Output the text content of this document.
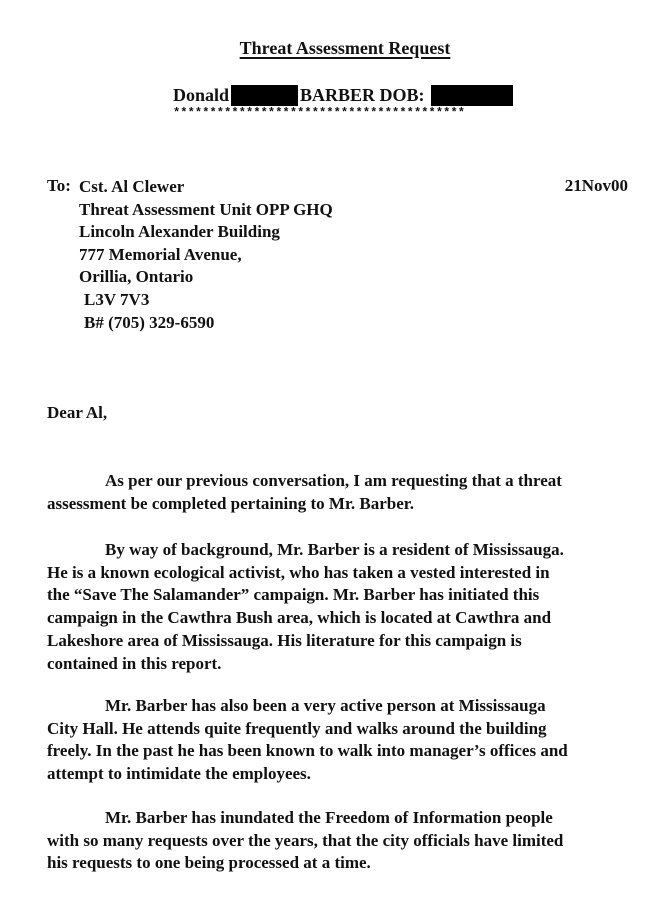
Threat Assessment Request
Donald	BARBER DOB:
****************************************
To:	21Nov00
Cst. Al Clewer
Threat Assessment Unit OPP GHQ
Lincoln Alexander Building
777 Memorial Avenue,
Orillia, Ontario
L3V 7V3
B# (705) 329-6590
Dear Al,
As per our previous conversation, I am requesting that a threat
assessment be completed pertaining to Mr. Barber.
By way of background, Mr. Barber is a resident of Mississauga.
He is a known ecological activist, who has taken a vested interested in
the “Save The Salamander” campaign. Mr. Barber has initiated this
campaign in the Cawthra Bush area, which is located at Cawthra and
Lakeshore area of Mississauga. His literature for this campaign is
contained in this report.
Mr. Barber has also been a very active person at Mississauga
City Hall. He attends quite frequently and walks around the building
freely. In the past he has been known to walk into manager’s offices and
attempt to intimidate the employees.
Mr. Barber has inundated the Freedom of Information people
with so many requests over the years, that the city officials have limited
his requests to one being processed at a time.
